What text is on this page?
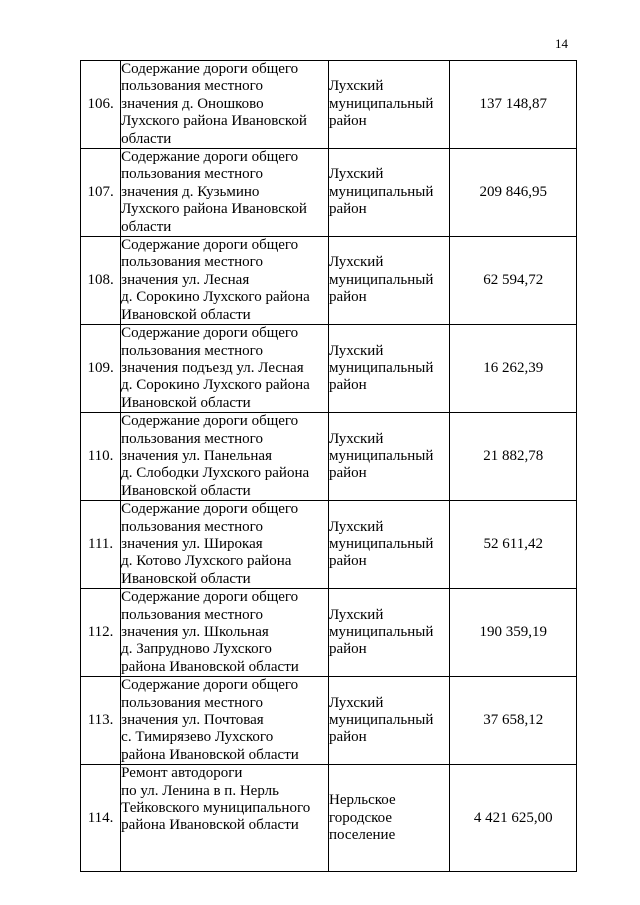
14
106.	Содержание дороги общего
пользования местного
значения д. Оношково
Лухского района Ивановской
области	Лухский
муниципальный
район	137 148,87
107.	Содержание дороги общего
пользования местного
значения д. Кузьмино
Лухского района Ивановской
области	Лухский
муниципальный
район	209 846,95
108.	Содержание дороги общего
пользования местного
значения ул. Лесная
д. Сорокино Лухского района
Ивановской области	Лухский
муниципальный
район	62 594,72
109.	Содержание дороги общего
пользования местного
значения подъезд ул. Лесная
д. Сорокино Лухского района
Ивановской области	Лухский
муниципальный
район	16 262,39
110.	Содержание дороги общего
пользования местного
значения ул. Панельная
д. Слободки Лухского района
Ивановской области	Лухский
муниципальный
район	21 882,78
111.	Содержание дороги общего
пользования местного
значения ул. Широкая
д. Котово Лухского района
Ивановской области	Лухский
муниципальный
район	52 611,42
112.	Содержание дороги общего
пользования местного
значения ул. Школьная
д. Запрудново Лухского
района Ивановской области	Лухский
муниципальный
район	190 359,19
113.	Содержание дороги общего
пользования местного
значения ул. Почтовая
с. Тимирязево Лухского
района Ивановской области	Лухский
муниципальный
район	37 658,12
114.	Ремонт автодороги
по ул. Ленина в п. Нерль
Тейковского муниципального
района Ивановской области	Нерльское
городское
поселение	4 421 625,00
